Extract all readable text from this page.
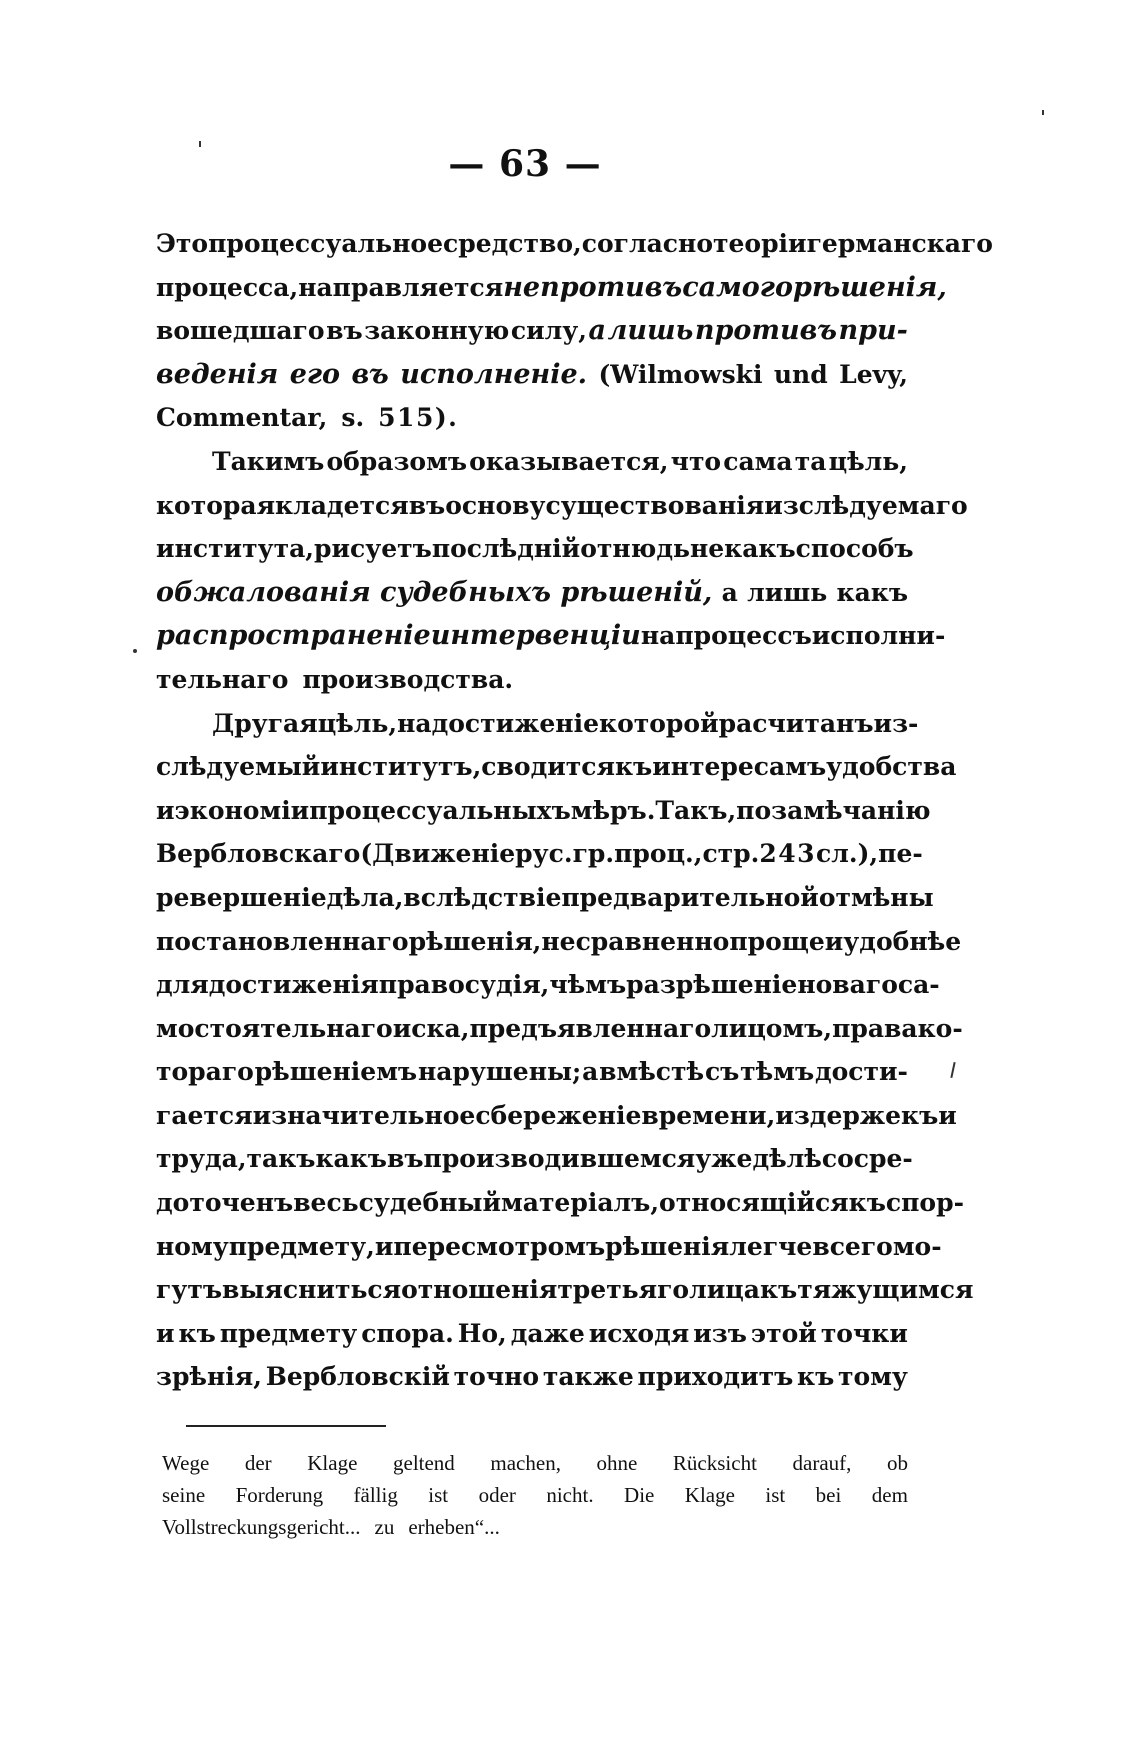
— 63 —
Это процессуальное средство, согласно теорiи германскаго
процесса, направляется не противъ самого рѣшенiя,
вошедшаго въ законную силу, а лишь противъ при-
веденiя его въ исполненiе. (Wilmowski und Levy,
Commentar, s. 515).
Такимъ образомъ оказывается, что сама та цѣль,
которая кладется въ основу существованiя изслѣдуемаго
института, рисуетъ послѣднiй отнюдь не какъ способъ
обжалованiя судебныхъ рѣшенiй, а лишь какъ
распространенiе интервенцiи на процессъ исполни-
тельнаго производства.
Другая цѣль, на достиженiе которой расчитанъ из-
слѣдуемый институтъ, сводится къ интересамъ удобства
и экономiи процессуальныхъ мѣръ. Такъ, по замѣчанiю
Вербловскаго (Движенiе рус. гр. проц., стр. 243 сл.), пе-
ревершенiе дѣла, вслѣдствiе предварительной отмѣны
постановленнаго рѣшенiя, несравненно проще и удобнѣе
для достиженiя правосудiя, чѣмъ разрѣшенiе новаго са-
мостоятельнаго иска, предъявленнаго лицомъ, права ко-
тораго рѣшенiемъ нарушены; а вмѣстѣ съ тѣмъ дости-
гается и значительное сбереженiе времени, издержекъ и
труда, такъ какъ въ производившемся уже дѣлѣ сосре-
доточенъ весь судебный матерiалъ, относящiйся къ спор-
ному предмету, и пересмотромъ рѣшенiя легче всего мо-
гутъ выясниться отношенiя третьяго лица къ тяжущимся
и къ предмету спора. Но, даже исходя изъ этой точки
зрѣнiя, Вербловскiй точно также приходитъ къ тому
Wege der Klage geltend machen, ohne Rücksicht darauf, ob
seine Forderung fällig ist oder nicht. Die Klage ist bei dem
Vollstreckungsgericht... zu erheben“...
